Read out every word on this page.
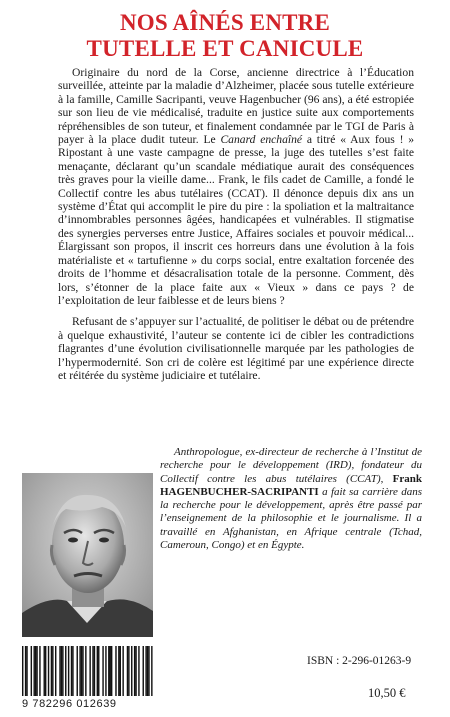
NOS AÎNÉS ENTRE
TUTELLE ET CANICULE

Originaire du nord de la Corse, ancienne directrice à l’Éducation surveillée, atteinte par la maladie d’Alzheimer, placée sous tutelle extérieure à la famille, Camille Sacripanti, veuve Hagenbucher (96 ans), a été estropiée sur son lieu de vie médicalisé, traduite en justice suite aux comportements répréhensibles de son tuteur, et finalement condamnée par le TGI de Paris à payer à la place dudit tuteur. Le Canard enchaîné a titré « Aux fous ! » Ripostant à une vaste campagne de presse, la juge des tutelles s’est faite menaçante, déclarant qu’un scandale médiatique aurait des conséquences très graves pour la vieille dame... Frank, le fils cadet de Camille, a fondé le Collectif contre les abus tutélaires (CCAT). Il dénonce depuis dix ans un système d’État qui accomplit le pire du pire : la spoliation et la maltraitance d’innombrables personnes âgées, handicapées et vulnérables. Il stigmatise des synergies perverses entre Justice, Affaires sociales et pouvoir médical... Élargissant son propos, il inscrit ces horreurs dans une évolution à la fois matérialiste et « tartufienne » du corps social, entre exaltation forcenée des droits de l’homme et désacralisation totale de la personne. Comment, dès lors, s’étonner de la place faite aux « Vieux » dans ce pays ? de l’exploitation de leur faiblesse et de leurs biens ?

Refusant de s’appuyer sur l’actualité, de politiser le débat ou de prétendre à quelque exhaustivité, l’auteur se contente ici de cibler les contradictions flagrantes d’une évolution civilisationnelle marquée par les pathologies de l’hypermodernité. Son cri de colère est légitimé par une expérience directe et réitérée du système judiciaire et tutélaire.

Anthropologue, ex-directeur de recherche à l’Institut de recherche pour le développement (IRD), fondateur du Collectif contre les abus tutélaires (CCAT), Frank HAGENBUCHER-SACRIPANTI a fait sa carrière dans la recherche pour le développement, après être passé par l’enseignement de la philosophie et le journalisme. Il a travaillé en Afghanistan, en Afrique centrale (Tchad, Cameroun, Congo) et en Égypte.

9 782296 012639
ISBN : 2-296-01263-9
10,50 €
